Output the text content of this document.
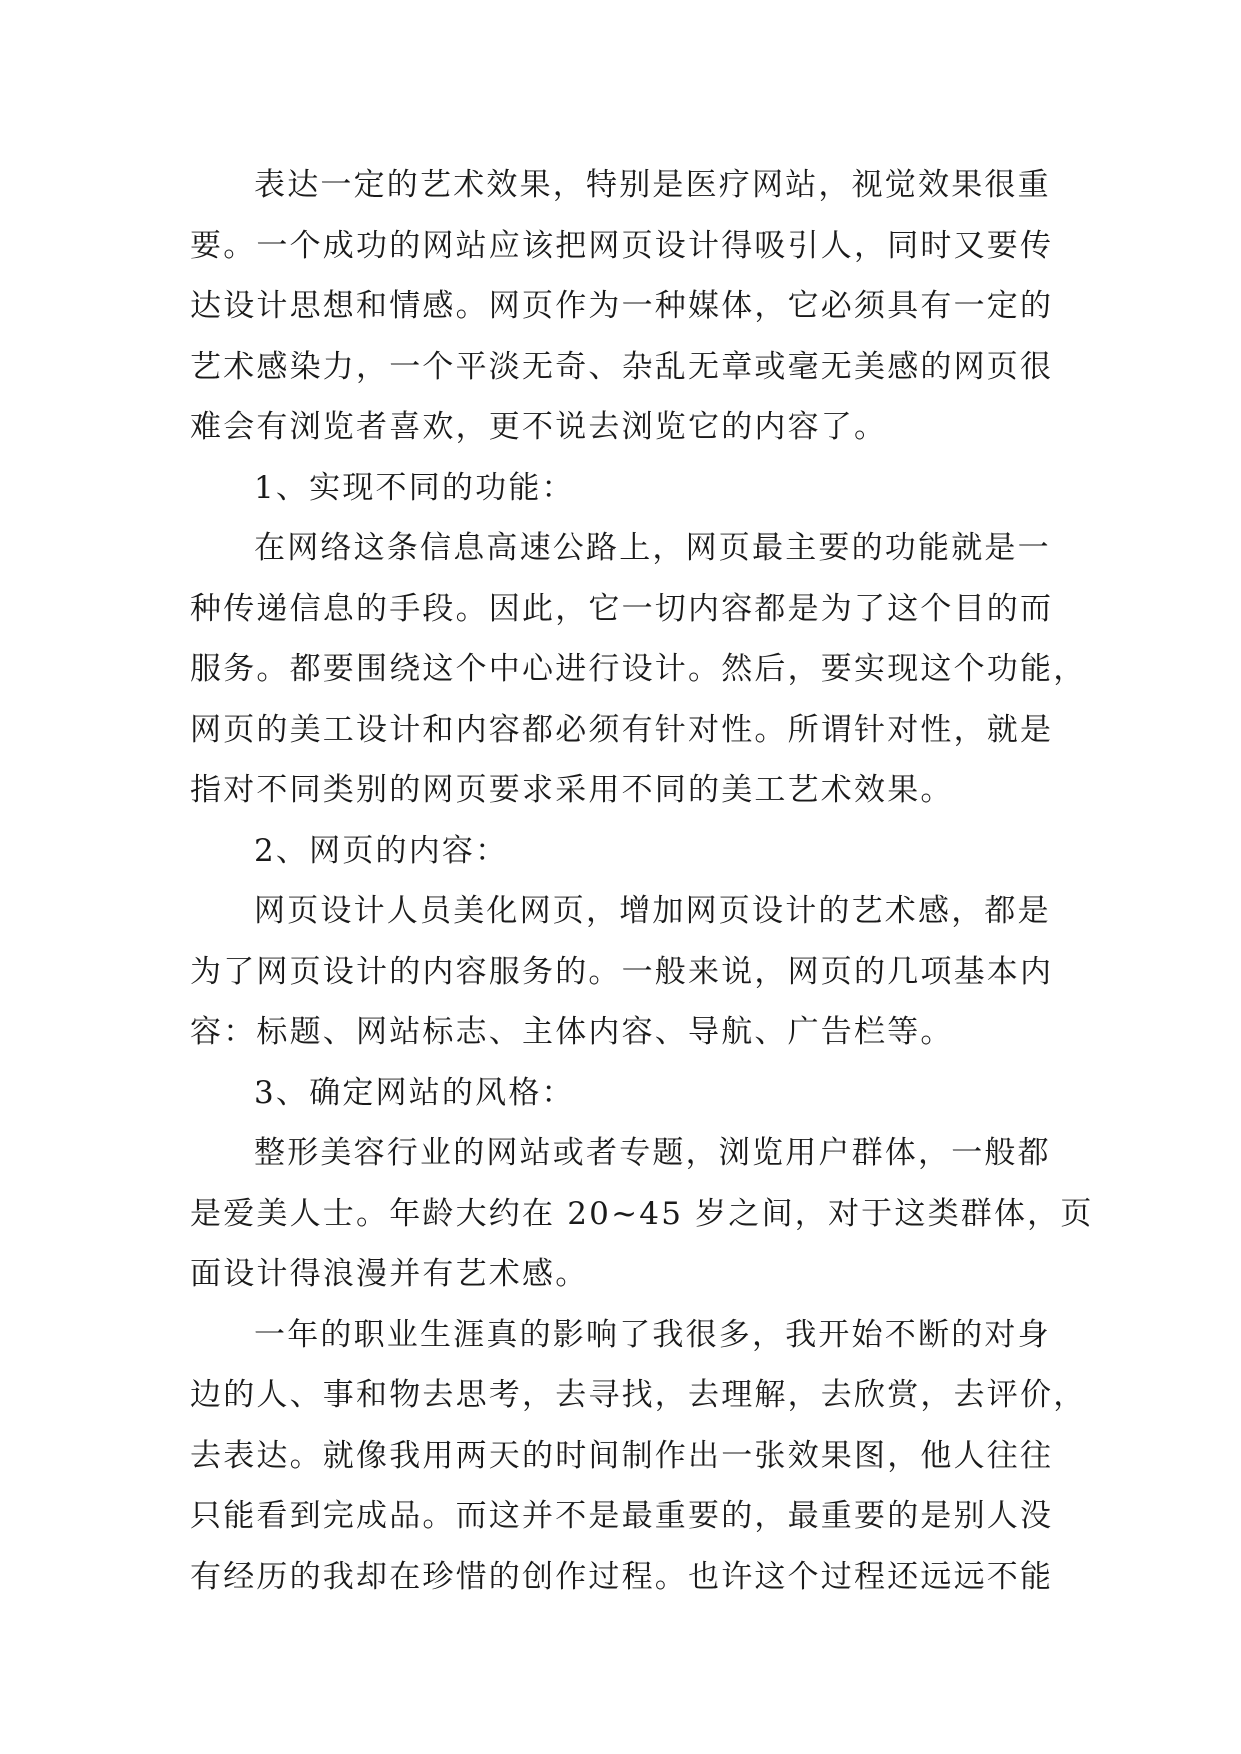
表达一定的艺术效果，特别是医疗网站，视觉效果很重
要。一个成功的网站应该把网页设计得吸引人，同时又要传
达设计思想和情感。网页作为一种媒体，它必须具有一定的
艺术感染力，一个平淡无奇、杂乱无章或毫无美感的网页很
难会有浏览者喜欢，更不说去浏览它的内容了。
1、实现不同的功能：
在网络这条信息高速公路上，网页最主要的功能就是一
种传递信息的手段。因此，它一切内容都是为了这个目的而
服务。都要围绕这个中心进行设计。然后，要实现这个功能，
网页的美工设计和内容都必须有针对性。所谓针对性，就是
指对不同类别的网页要求采用不同的美工艺术效果。
2、网页的内容：
网页设计人员美化网页，增加网页设计的艺术感，都是
为了网页设计的内容服务的。一般来说，网页的几项基本内
容：标题、网站标志、主体内容、导航、广告栏等。
3、确定网站的风格：
整形美容行业的网站或者专题，浏览用户群体，一般都
是爱美人士。年龄大约在 20~45 岁之间，对于这类群体，页
面设计得浪漫并有艺术感。
一年的职业生涯真的影响了我很多，我开始不断的对身
边的人、事和物去思考，去寻找，去理解，去欣赏，去评价，
去表达。就像我用两天的时间制作出一张效果图，他人往往
只能看到完成品。而这并不是最重要的，最重要的是别人没
有经历的我却在珍惜的创作过程。也许这个过程还远远不能
